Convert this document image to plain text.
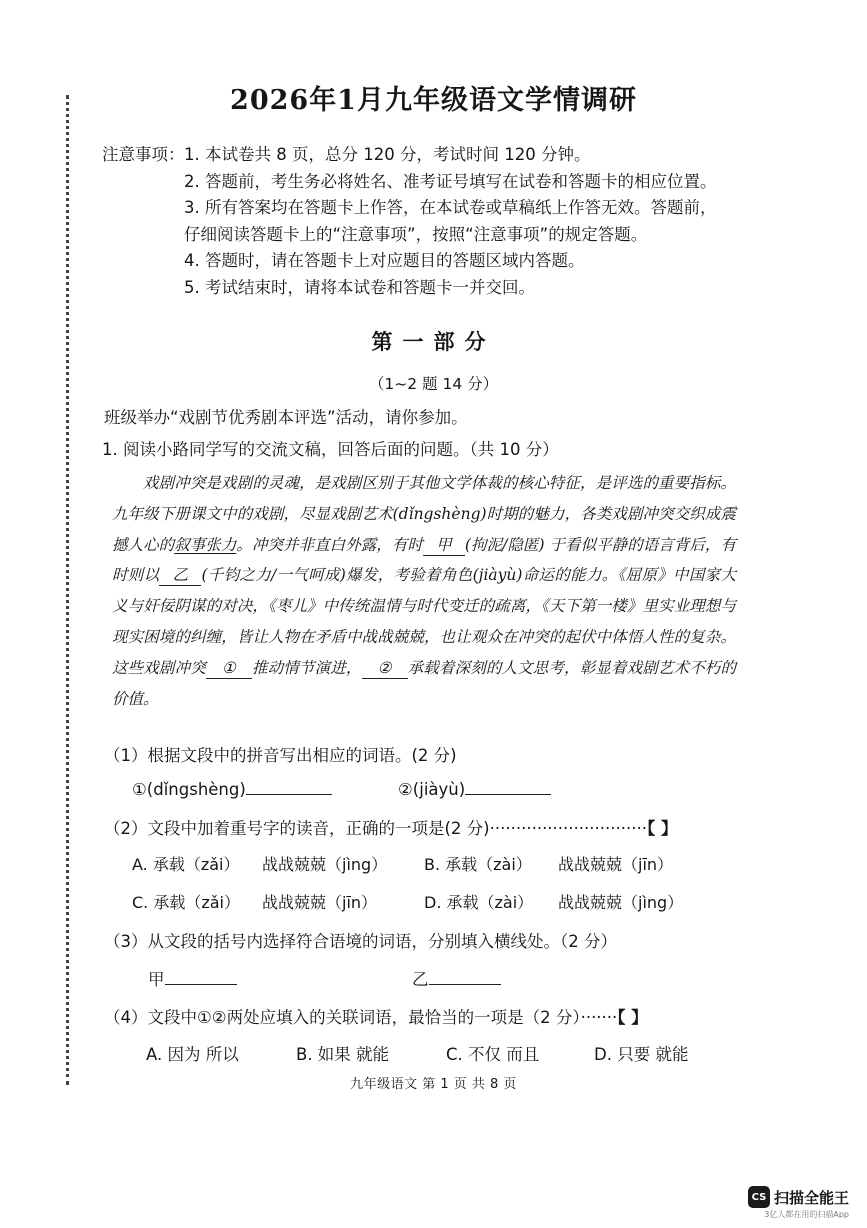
2026年1月九年级语文学情调研
注意事项： 1. 本试卷共 8 页，总分 120 分，考试时间 120 分钟。
2. 答题前，考生务必将姓名、准考证号填写在试卷和答题卡的相应位置。
3. 所有答案均在答题卡上作答，在本试卷或草稿纸上作答无效。答题前，
仔细阅读答题卡上的“注意事项”，按照“注意事项”的规定答题。
4. 答题时，请在答题卡上对应题目的答题区域内答题。
5. 考试结束时，请将本试卷和答题卡一并交回。
第一部分
（1~2 题 14 分）
班级举办“戏剧节优秀剧本评选”活动，请你参加。
1. 阅读小路同学写的交流文稿，回答后面的问题。（共 10 分）
戏剧冲突是戏剧的灵魂，是戏剧区别于其他文学体裁的核心特征，是评选的重要指标。九年级下册课文中的戏剧，尽显戏剧艺术(dǐngshèng)时期的魅力，各类戏剧冲突交织成震撼人心的叙事张力。冲突并非直白外露，有时 甲 (拘泥/隐匿) 于看似平静的语言背后，有时则以 乙 (千钧之力/一气呵成)爆发，考验着角色(jiàyù)命运的能力。《屈原》中国家大义与奸佞阴谋的对决，《枣儿》中传统温情与时代变迁的疏离，《天下第一楼》里实业理想与现实困境的纠缠，皆让人物在矛盾中战战兢兢，也让观众在冲突的起伏中体悟人性的复杂。这些戏剧冲突 ① 推动情节演进， ② 承载着深刻的人文思考，彰显着戏剧艺术不朽的价值。
（1）根据文段中的拼音写出相应的词语。(2 分)
①(dǐngshèng)	②(jiàyù)
（2）文段中加着重号字的读音，正确的一项是(2 分)······························【 】
A. 承载（zǎi） 战战兢兢（jìng） B. 承载（zài） 战战兢兢（jīn）
C. 承载（zǎi） 战战兢兢（jīn）	D. 承载（zài） 战战兢兢（jìng）
（3）从文段的括号内选择符合语境的词语，分别填入横线处。（2 分）
甲	乙
（4）文段中①②两处应填入的关联词语，最恰当的一项是（2 分）·······【 】
A. 因为 所以	B. 如果 就能	C. 不仅 而且	D. 只要 就能
九年级语文 第 1 页 共 8 页
CS 扫描全能王
3亿人都在用的扫描App
